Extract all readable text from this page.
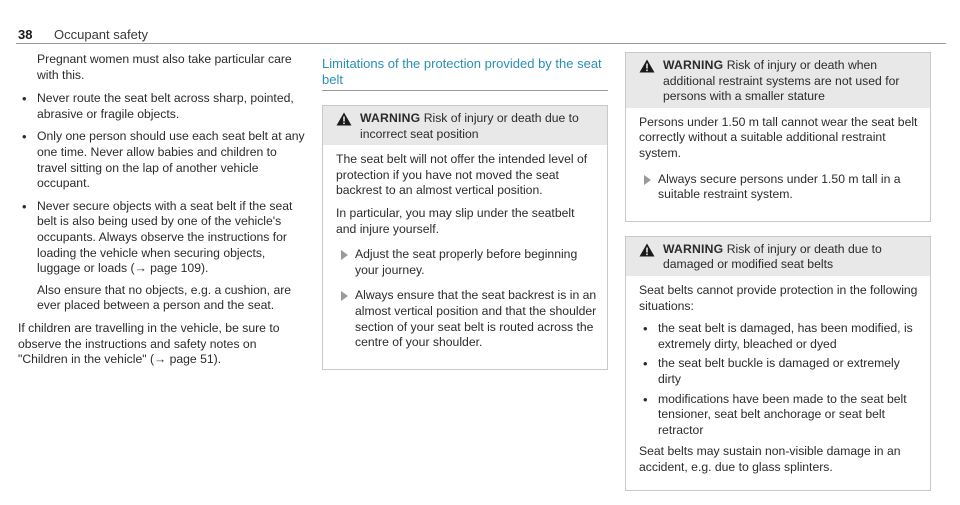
38 Occupant safety

Pregnant women must also take particular care with this.

• Never route the seat belt across sharp, pointed, abrasive or fragile objects.

• Only one person should use each seat belt at any one time. Never allow babies and children to travel sitting on the lap of another vehicle occupant.

• Never secure objects with a seat belt if the seat belt is also being used by one of the vehicle's occupants. Always observe the instructions for loading the vehicle when securing objects, luggage or loads (→ page 109).

Also ensure that no objects, e.g. a cushion, are ever placed between a person and the seat.

If children are travelling in the vehicle, be sure to observe the instructions and safety notes on "Children in the vehicle" (→ page 51).

Limitations of the protection provided by the seat belt
WARNING Risk of injury or death due to incorrect seat position

The seat belt will not offer the intended level of protection if you have not moved the seat backrest to an almost vertical position.

In particular, you may slip under the seatbelt and injure yourself.

Adjust the seat properly before beginning your journey.
Always ensure that the seat backrest is in an almost vertical position and that the shoulder section of your seat belt is routed across the centre of your shoulder.
WARNING Risk of injury or death when additional restraint systems are not used for persons with a smaller stature

Persons under 1.50 m tall cannot wear the seat belt correctly without a suitable additional restraint system.

Always secure persons under 1.50 m tall in a suitable restraint system.
WARNING Risk of injury or death due to damaged or modified seat belts

Seat belts cannot provide protection in the following situations:

• the seat belt is damaged, has been modified, is extremely dirty, bleached or dyed
• the seat belt buckle is damaged or extremely dirty
• modifications have been made to the seat belt tensioner, seat belt anchorage or seat belt retractor

Seat belts may sustain non-visible damage in an accident, e.g. due to glass splinters.
